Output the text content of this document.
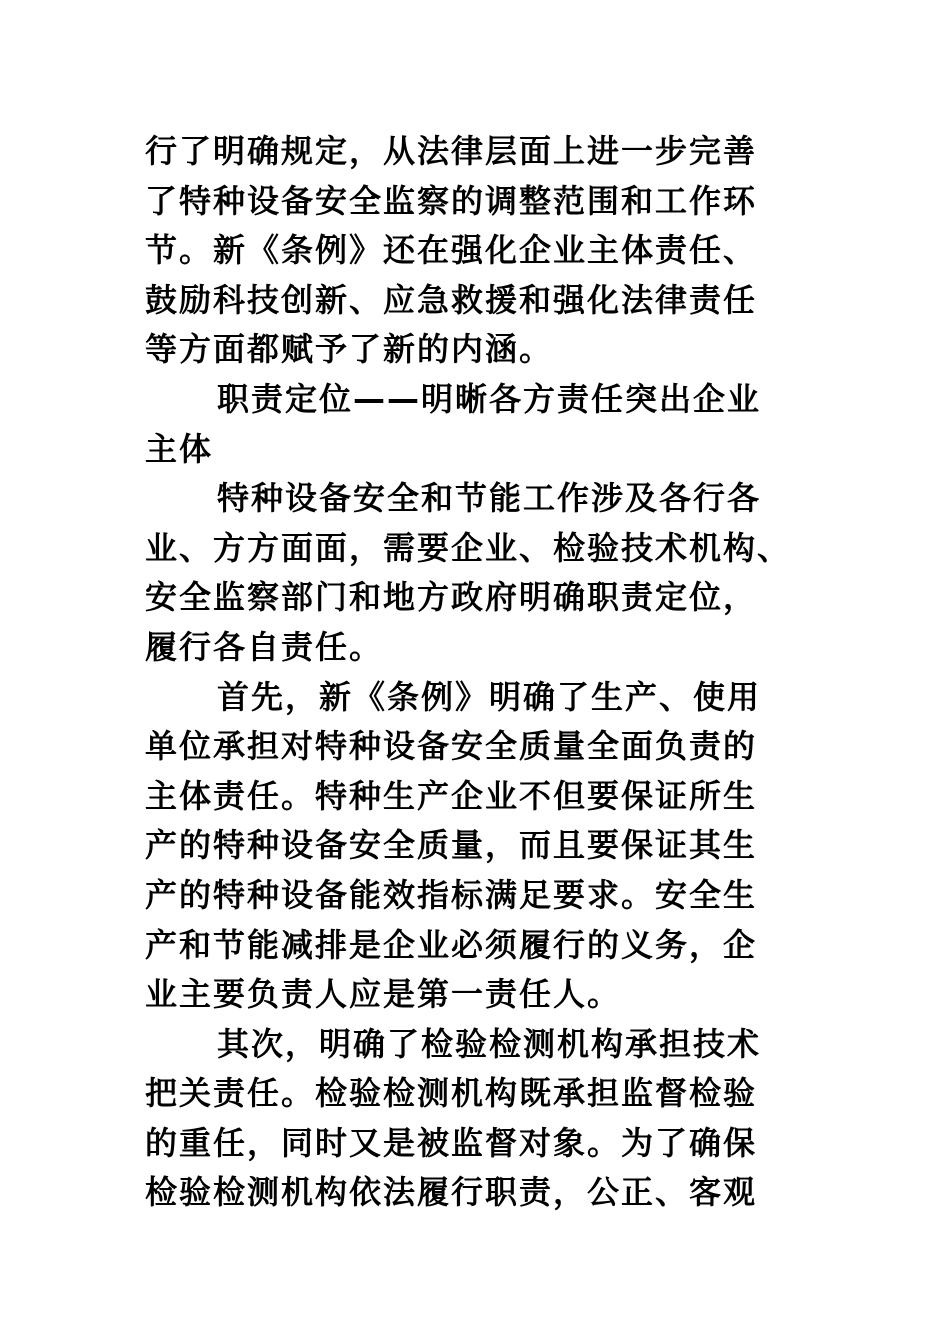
行了明确规定，从法律层面上进一步完善
了特种设备安全监察的调整范围和工作环
节。新《条例》还在强化企业主体责任、
鼓励科技创新、应急救援和强化法律责任
等方面都赋予了新的内涵。
职责定位——明晰各方责任突出企业
主体
特种设备安全和节能工作涉及各行各
业、方方面面，需要企业、检验技术机构、
安全监察部门和地方政府明确职责定位，
履行各自责任。
首先，新《条例》明确了生产、使用
单位承担对特种设备安全质量全面负责的
主体责任。特种生产企业不但要保证所生
产的特种设备安全质量，而且要保证其生
产的特种设备能效指标满足要求。安全生
产和节能减排是企业必须履行的义务，企
业主要负责人应是第一责任人。
其次，明确了检验检测机构承担技术
把关责任。检验检测机构既承担监督检验
的重任，同时又是被监督对象。为了确保
检验检测机构依法履行职责，公正、客观
